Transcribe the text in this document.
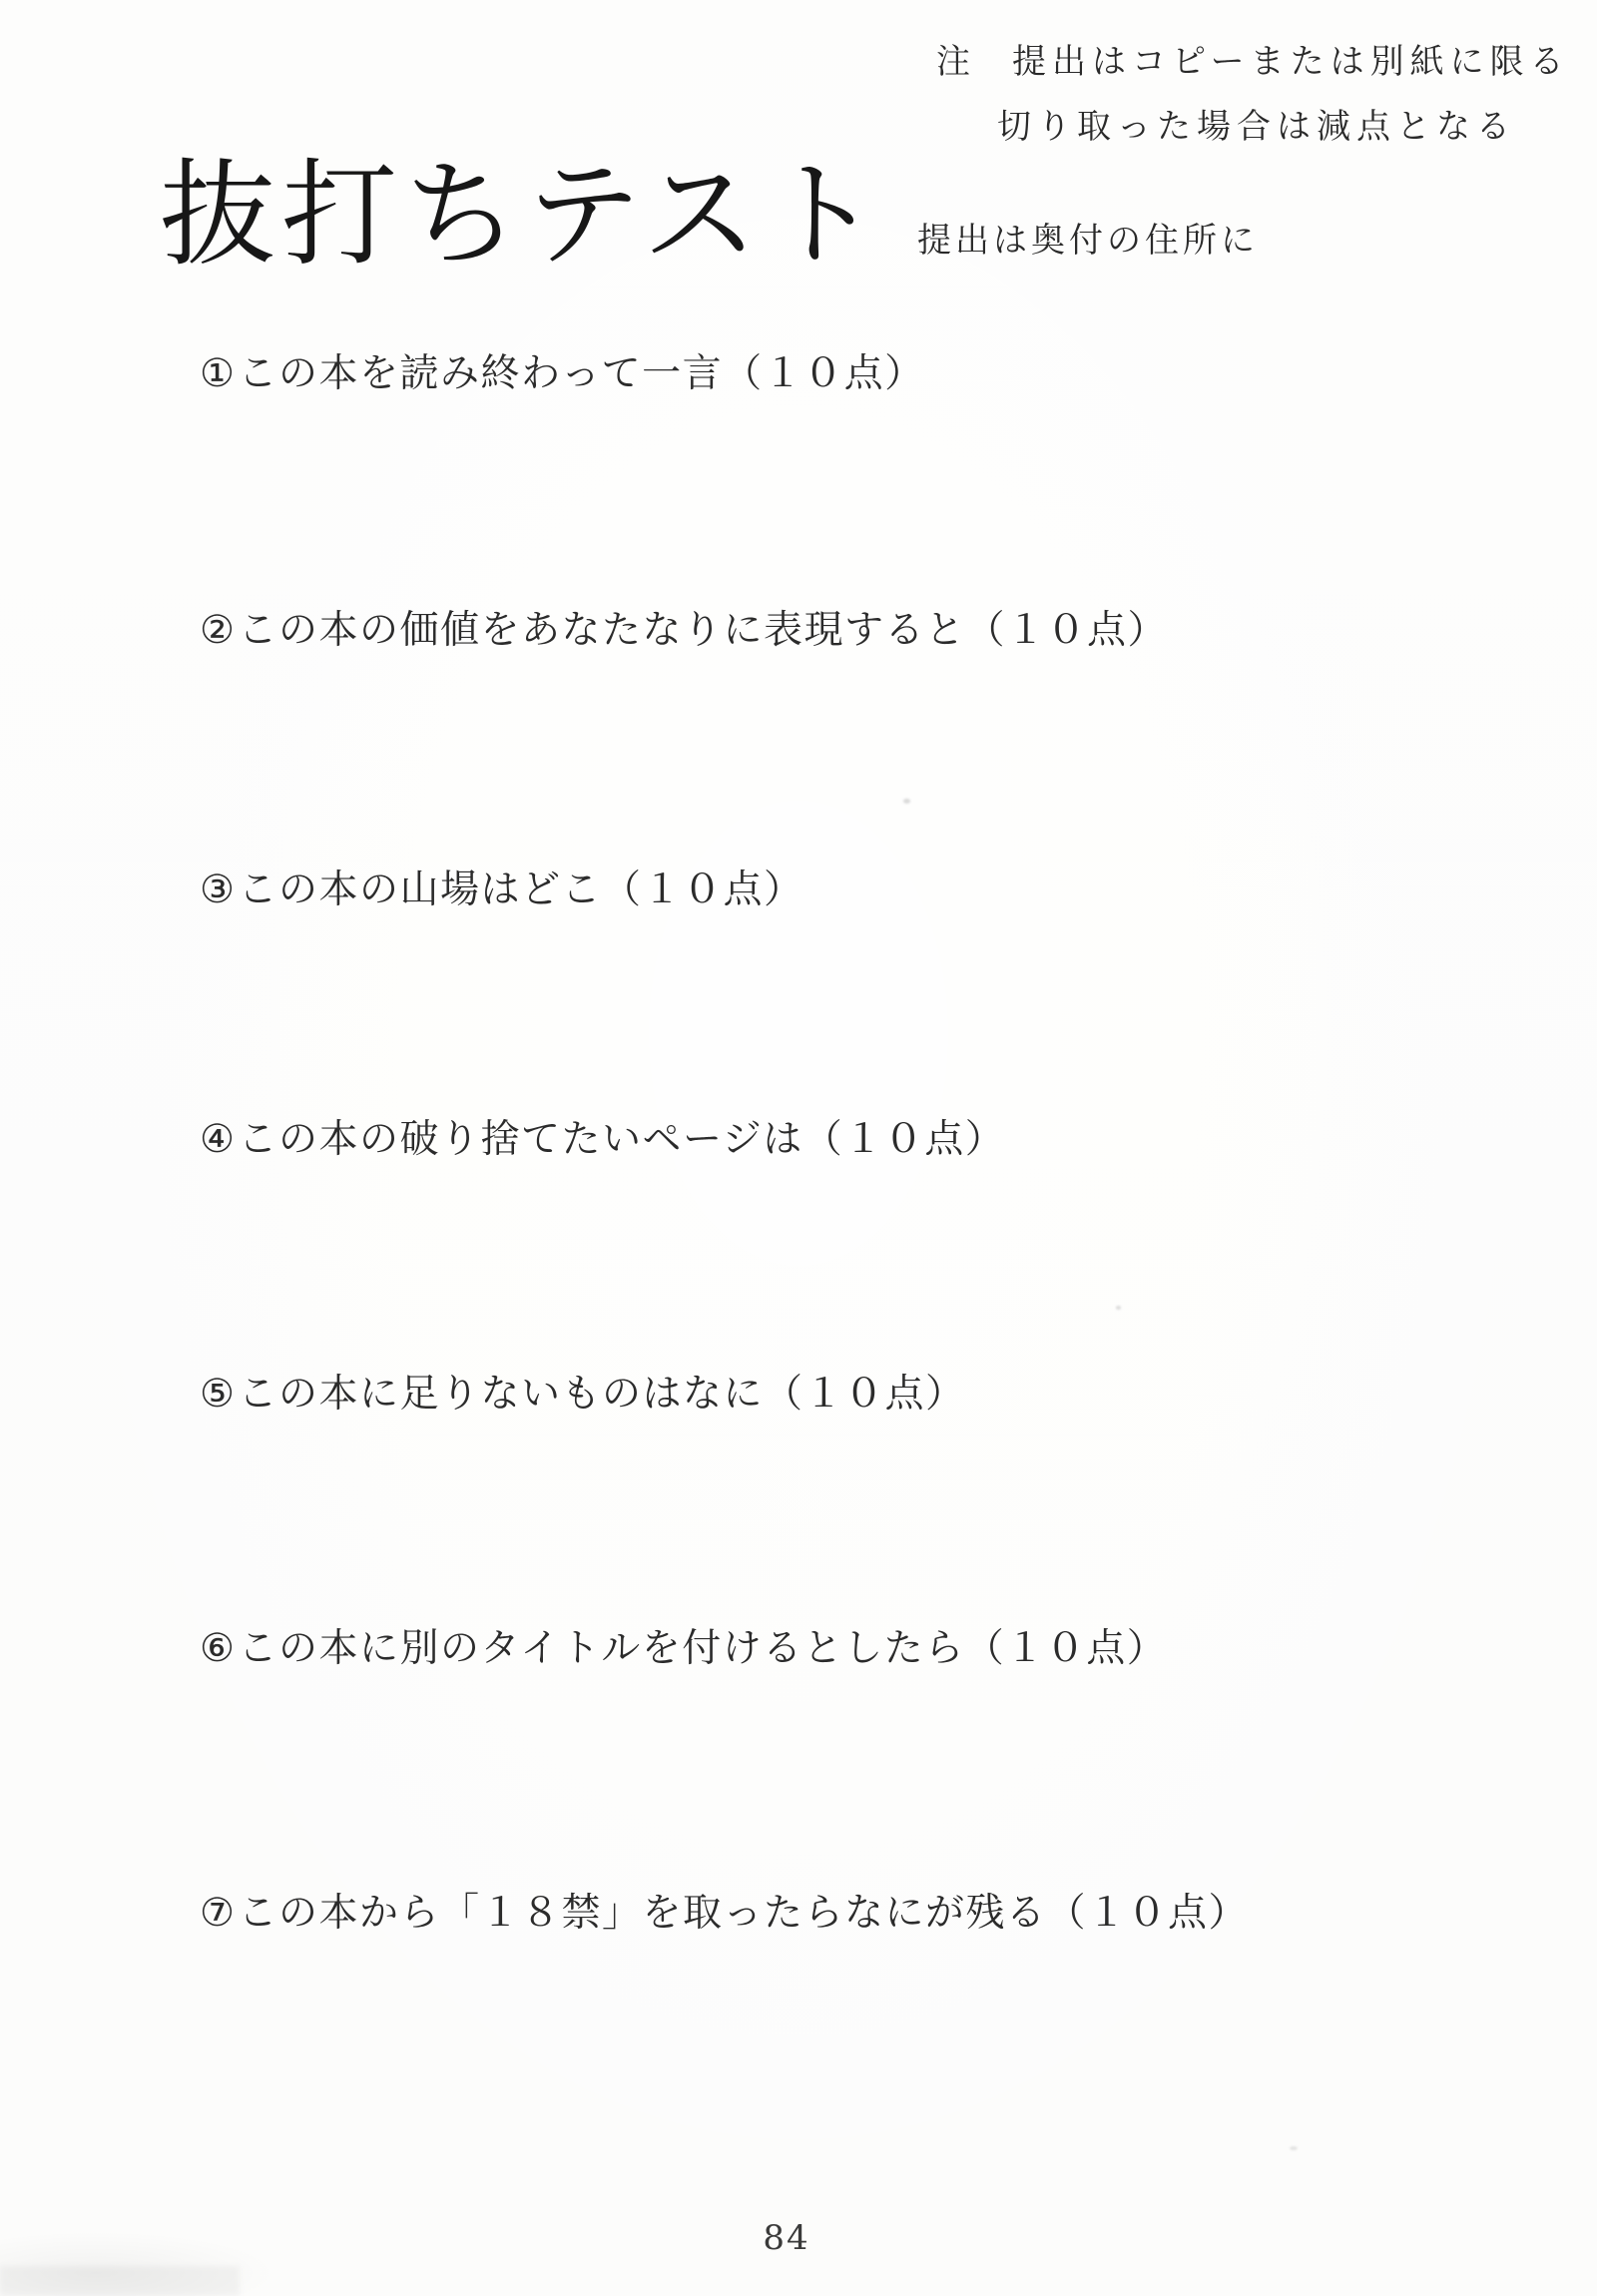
注 提出はコピーまたは別紙に限る
切り取った場合は減点となる
抜打ちテスト 提出は奥付の住所に
①この本を読み終わって一言（１０点）
②この本の価値をあなたなりに表現すると（１０点）
③この本の山場はどこ（１０点）
④この本の破り捨てたいページは（１０点）
⑤この本に足りないものはなに（１０点）
⑥この本に別のタイトルを付けるとしたら（１０点）
⑦この本から「１８禁」を取ったらなにが残る（１０点）
84
